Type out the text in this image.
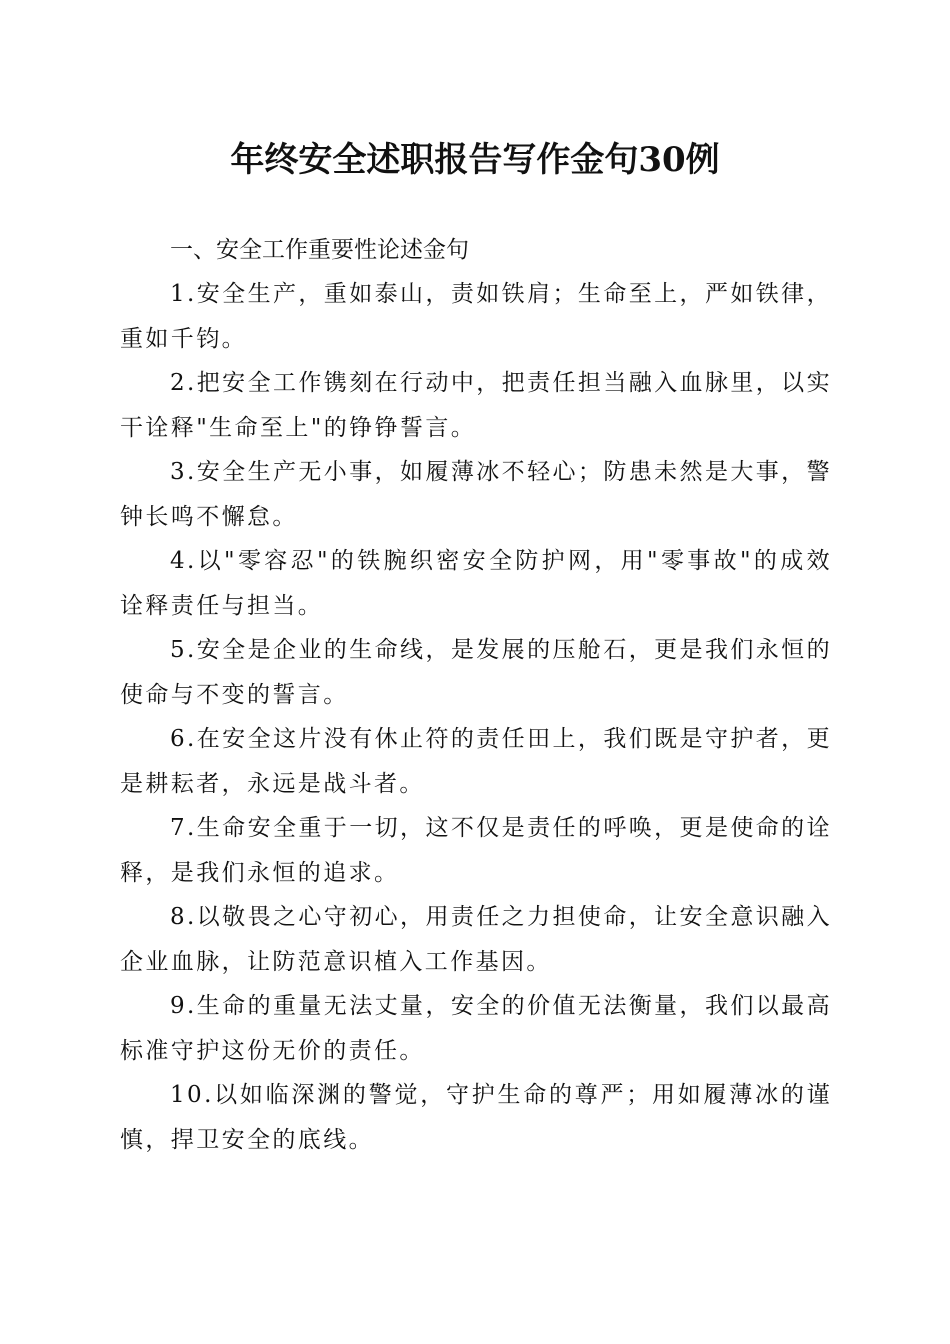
年终安全述职报告写作金句30例

一、安全工作重要性论述金句

1.安全生产，重如泰山，责如铁肩；生命至上，严如铁律，重如千钧。

2.把安全工作镌刻在行动中，把责任担当融入血脉里，以实干诠释"生命至上"的铮铮誓言。

3.安全生产无小事，如履薄冰不轻心；防患未然是大事，警钟长鸣不懈怠。

4.以"零容忍"的铁腕织密安全防护网，用"零事故"的成效诠释责任与担当。

5.安全是企业的生命线，是发展的压舱石，更是我们永恒的使命与不变的誓言。

6.在安全这片没有休止符的责任田上，我们既是守护者，更是耕耘者，永远是战斗者。

7.生命安全重于一切，这不仅是责任的呼唤，更是使命的诠释，是我们永恒的追求。

8.以敬畏之心守初心，用责任之力担使命，让安全意识融入企业血脉，让防范意识植入工作基因。

9.生命的重量无法丈量，安全的价值无法衡量，我们以最高标准守护这份无价的责任。

10.以如临深渊的警觉，守护生命的尊严；用如履薄冰的谨慎，捍卫安全的底线。
